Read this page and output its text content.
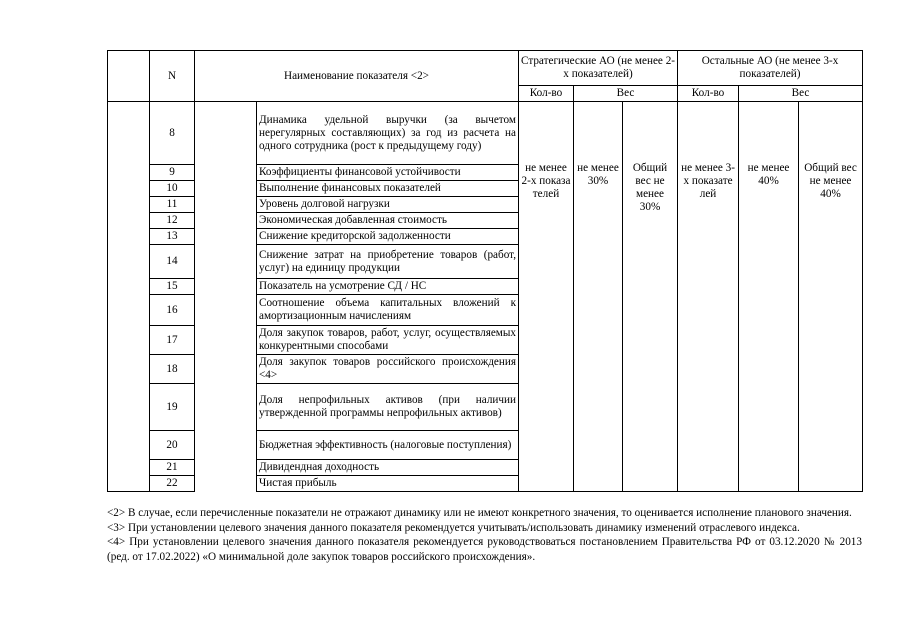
	N	Наименование показателя <2>		Стратегические АО (не менее 2-х показателей)			Остальные АО (не менее 3-х показателей)		
				Кол-во	Вес		Кол-во	Вес	
	8		Динамика удельной выручки (за вычетом нерегулярных составляющих) за год из расчета на одного сотрудника (рост к предыдущему году)	не менее 2-х показа телей	не менее 30%	Общий вес не менее 30%	не менее 3-х показате лей	не менее 40%	Общий вес не менее 40%
	9		Коэффициенты финансовой устойчивости						
	10		Выполнение финансовых показателей						
	11		Уровень долговой нагрузки						
	12		Экономическая добавленная стоимость						
	13		Снижение кредиторской задолженности						
	14		Снижение затрат на приобретение товаров (работ, услуг) на единицу продукции						
	15		Показатель на усмотрение СД / НС						
	16		Соотношение объема капитальных вложений к амортизационным начислениям						
	17		Доля закупок товаров, работ, услуг, осуществляемых конкурентными способами						
	18		Доля закупок товаров российского происхождения <4>						
	19		Доля непрофильных активов (при наличии утвержденной программы непрофильных активов)						
	20		Бюджетная эффективность (налоговые поступления)						
	21		Дивидендная доходность						
	22		Чистая прибыль						

<2> В случае, если перечисленные показатели не отражают динамику или не имеют конкретного значения, то оценивается исполнение планового значения.

<3> При установлении целевого значения данного показателя рекомендуется учитывать/использовать динамику изменений отраслевого индекса.

<4> При установлении целевого значения данного показателя рекомендуется руководствоваться постановлением Правительства РФ от 03.12.2020 № 2013 (ред. от 17.02.2022) «О минимальной доле закупок товаров российского происхождения».
